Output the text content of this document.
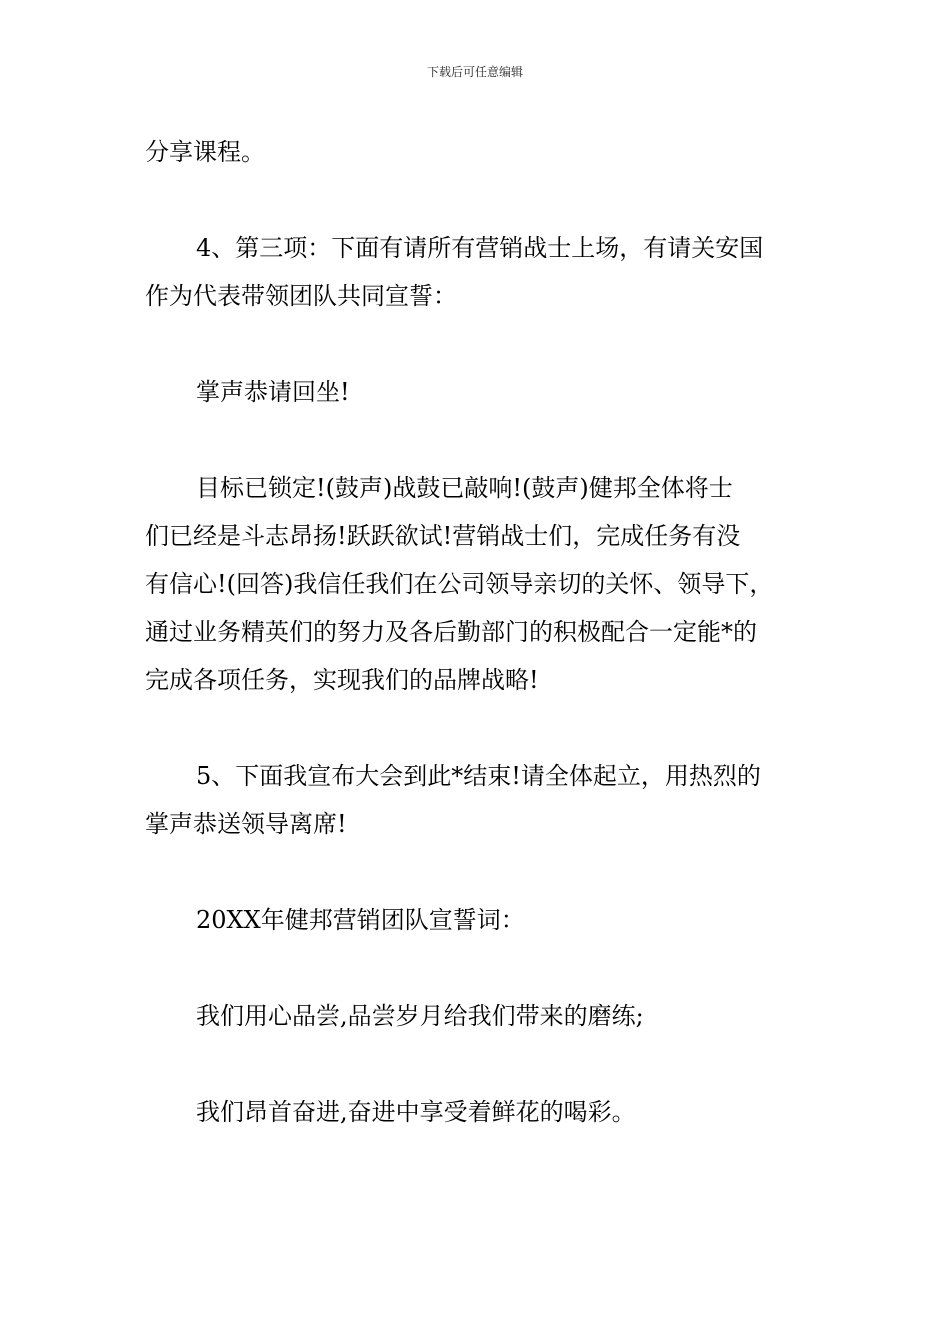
下载后可任意编辑
分享课程。
4、第三项：下面有请所有营销战士上场，有请关安国
作为代表带领团队共同宣誓：
掌声恭请回坐!
目标已锁定!(鼓声)战鼓已敲响!(鼓声)健邦全体将士
们已经是斗志昂扬!跃跃欲试!营销战士们，完成任务有没
有信心!(回答)我信任我们在公司领导亲切的关怀、领导下，
通过业务精英们的努力及各后勤部门的积极配合一定能*的
完成各项任务，实现我们的品牌战略!
5、下面我宣布大会到此*结束!请全体起立，用热烈的
掌声恭送领导离席!
20XX年健邦营销团队宣誓词：
我们用心品尝,品尝岁月给我们带来的磨练;
我们昂首奋进,奋进中享受着鲜花的喝彩。
